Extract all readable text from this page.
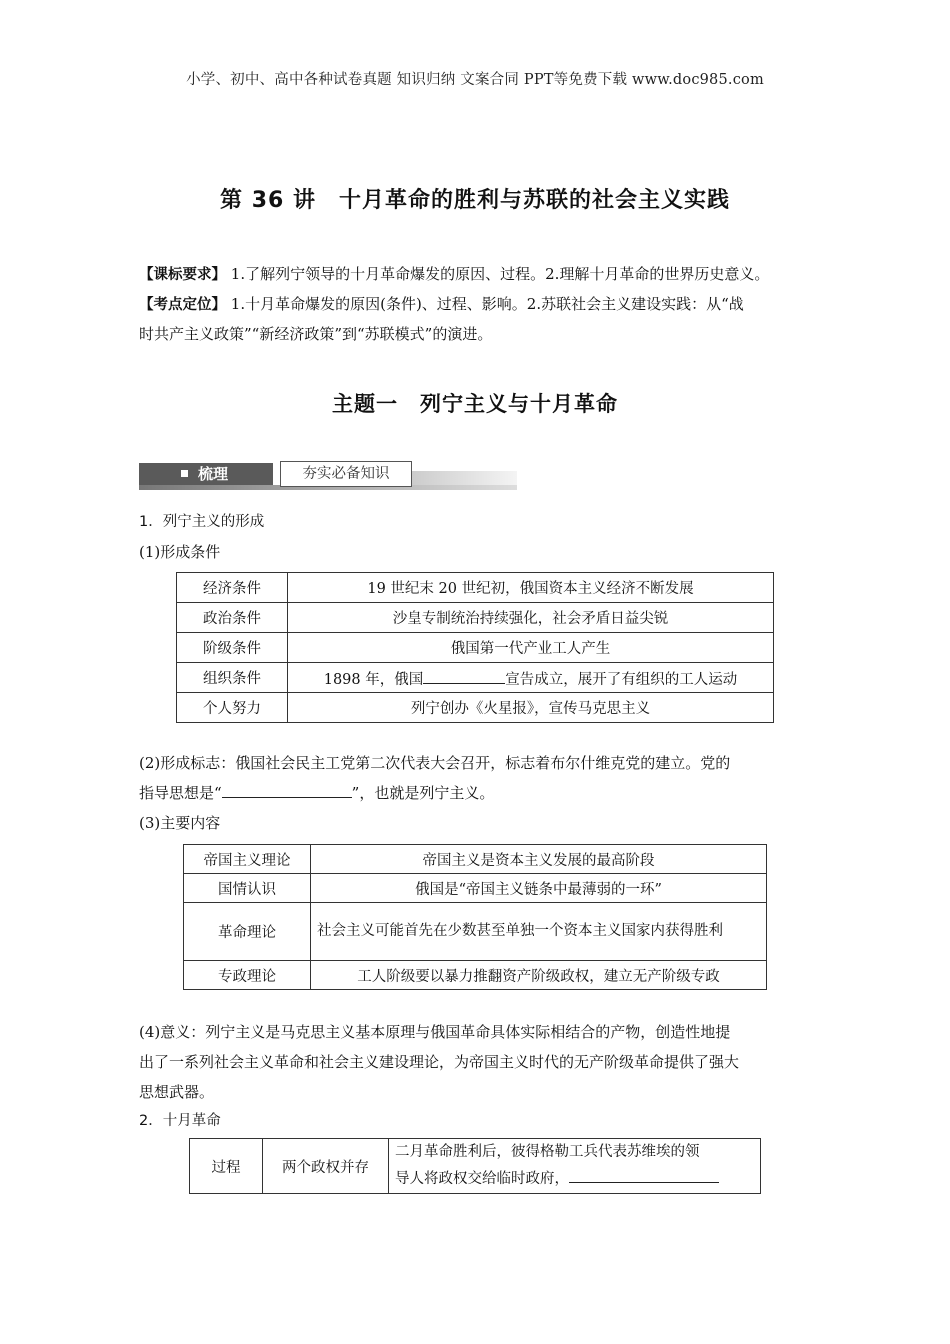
小学、初中、高中各种试卷真题 知识归纳 文案合同 PPT等免费下载 www.doc985.com
第 36 讲　十月革命的胜利与苏联的社会主义实践
【课标要求】 1.了解列宁领导的十月革命爆发的原因、过程。2.理解十月革命的世界历史意义。
【考点定位】 1.十月革命爆发的原因(条件)、过程、影响。2.苏联社会主义建设实践：从“战
时共产主义政策”“新经济政策”到“苏联模式”的演进。
主题一　列宁主义与十月革命
梳理	夯实必备知识
1．列宁主义的形成
(1)形成条件
经济条件	19 世纪末 20 世纪初，俄国资本主义经济不断发展
政治条件	沙皇专制统治持续强化，社会矛盾日益尖锐
阶级条件	俄国第一代产业工人产生
组织条件	1898 年，俄国 宣告成立，展开了有组织的工人运动
个人努力	列宁创办《火星报》，宣传马克思主义
(2)形成标志：俄国社会民主工党第二次代表大会召开，标志着布尔什维克党的建立。党的
指导思想是“	”，也就是列宁主义。
(3)主要内容
帝国主义理论	帝国主义是资本主义发展的最高阶段
国情认识	俄国是“帝国主义链条中最薄弱的一环”
革命理论	社会主义可能首先在少数甚至单独一个资本主义国家内获得胜利
专政理论	工人阶级要以暴力推翻资产阶级政权，建立无产阶级专政
(4)意义：列宁主义是马克思主义基本原理与俄国革命具体实际相结合的产物，创造性地提
出了一系列社会主义革命和社会主义建设理论，为帝国主义时代的无产阶级革命提供了强大
思想武器。
2．十月革命
过程	两个政权并存	二月革命胜利后，彼得格勒工兵代表苏维埃的领
导人将政权交给临时政府，
